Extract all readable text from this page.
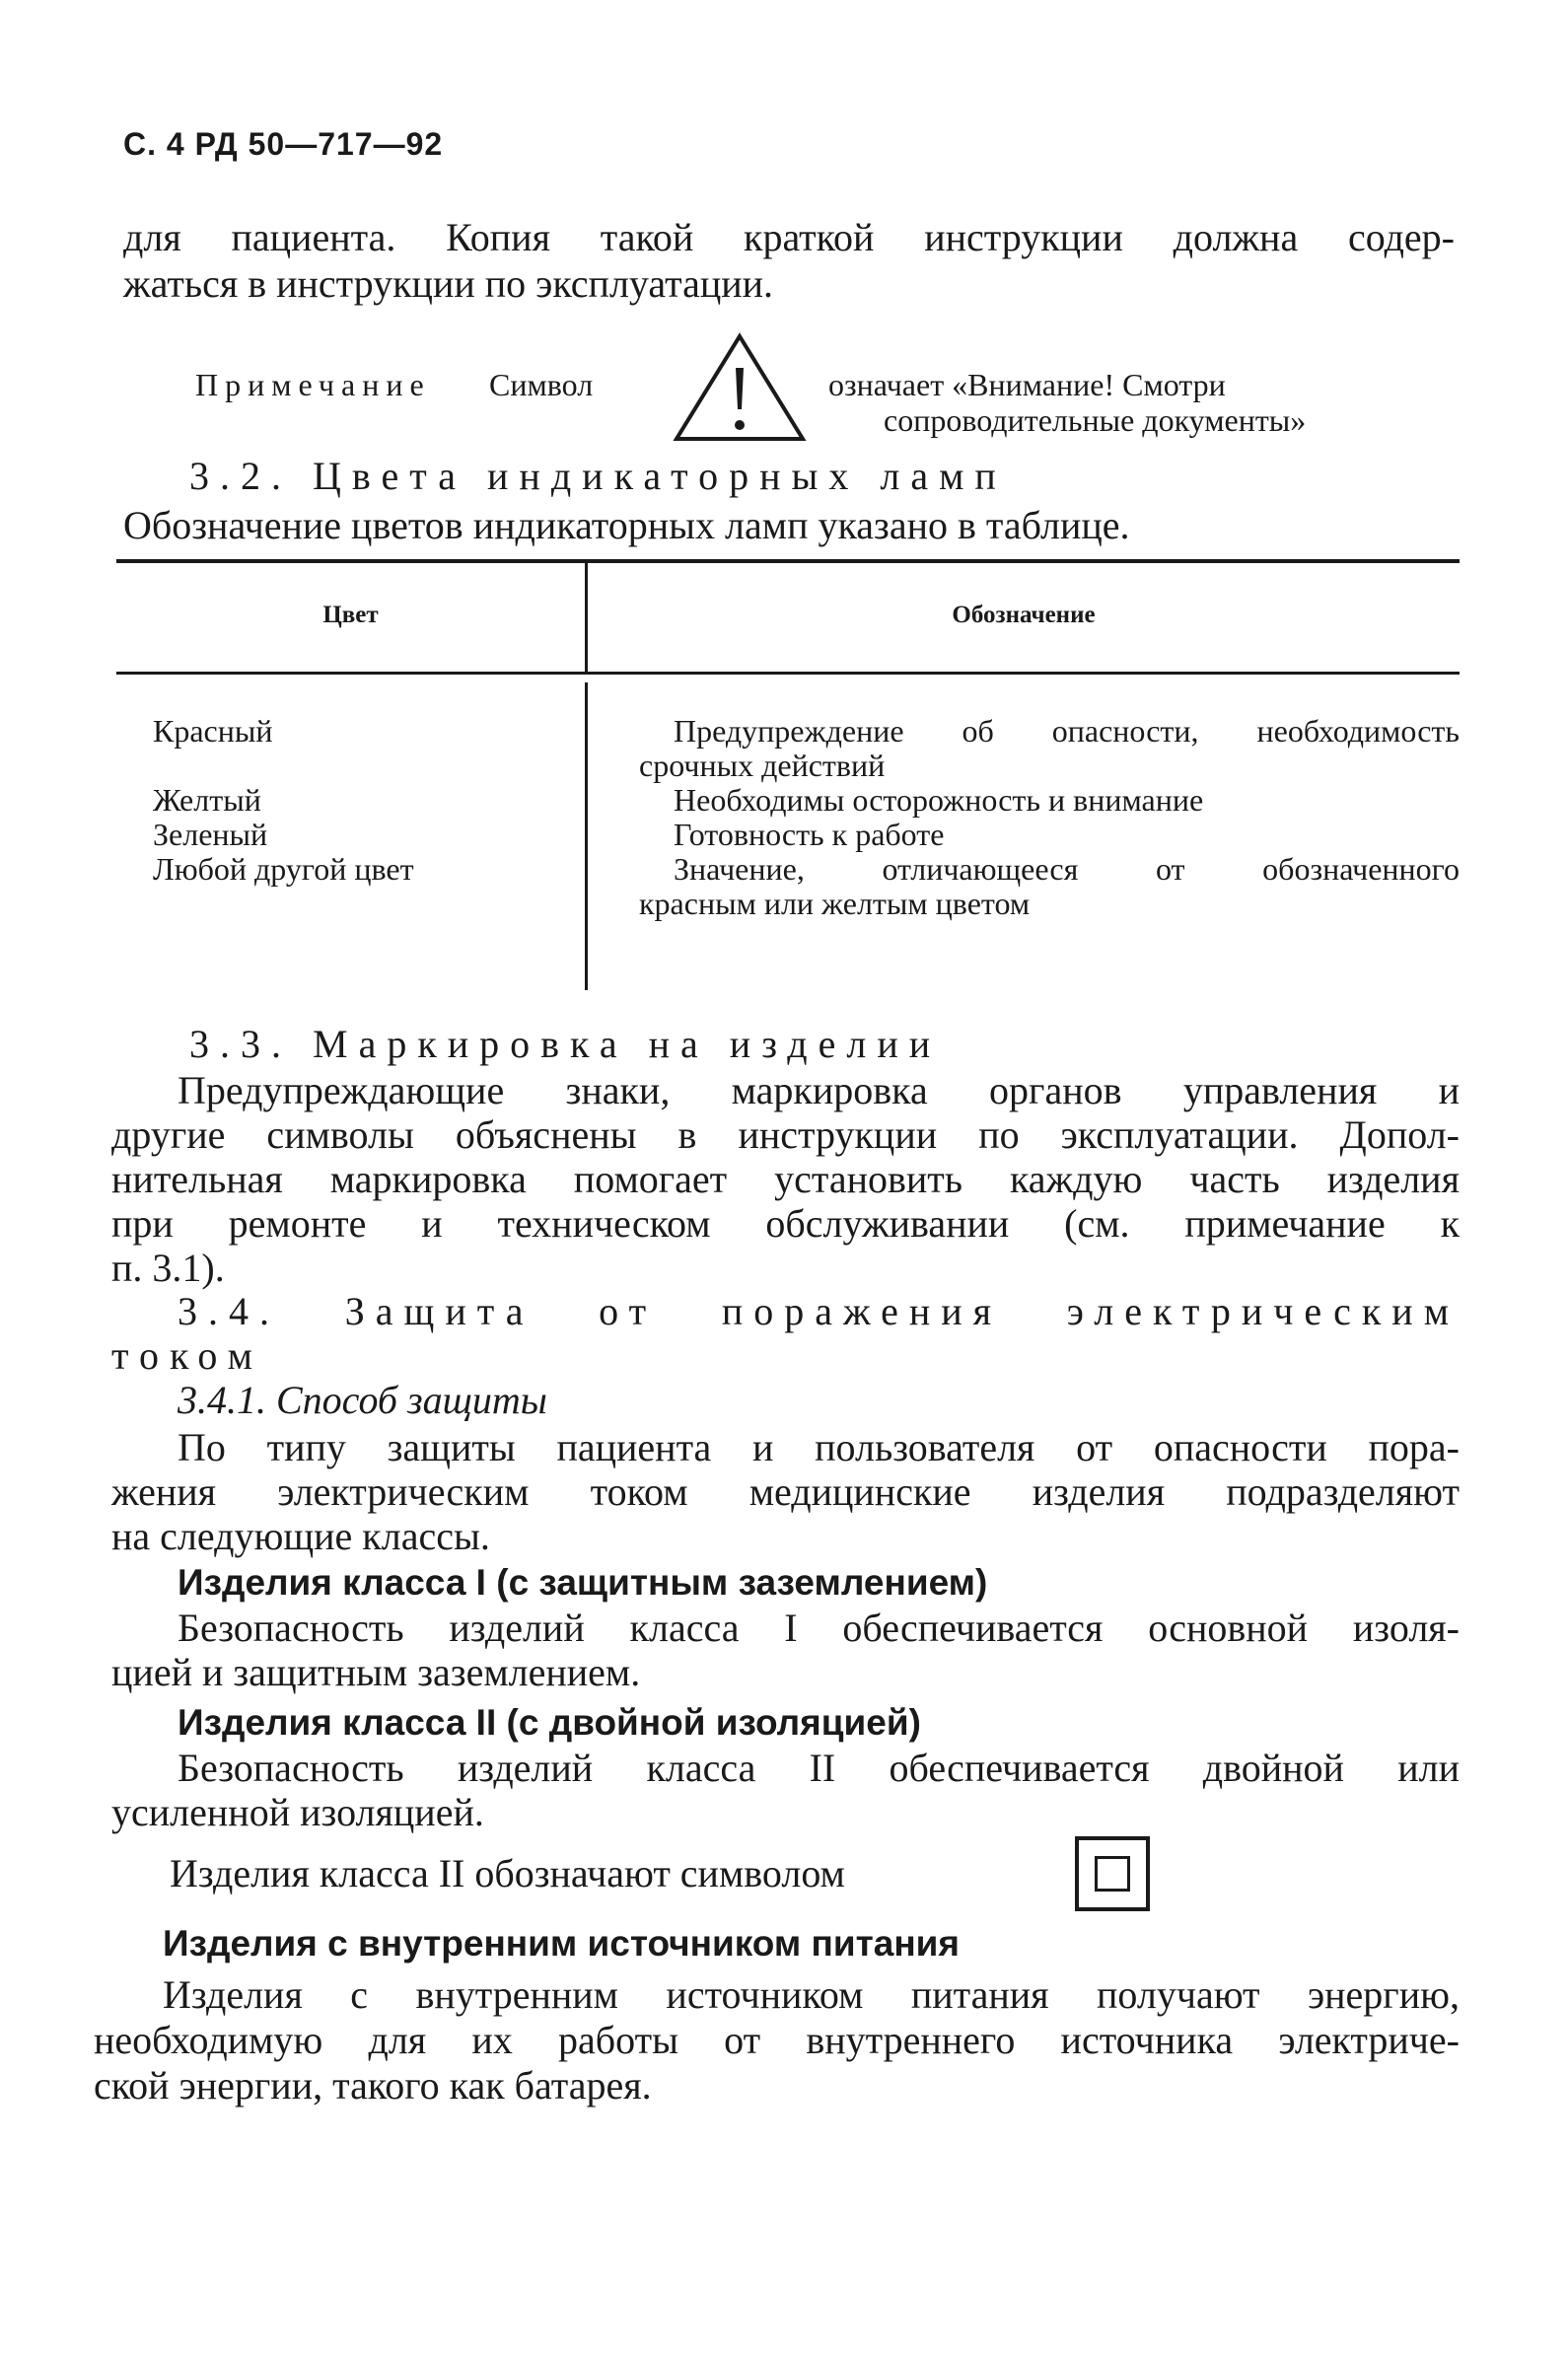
С. 4 РД 50—717—92
для пациента. Копия такой краткой инструкции должна содер-
жаться в инструкции по эксплуатации.
Примечание Символ	означает «Внимание! Смотри
сопроводительные документы»
3.2. Цвета индикаторных ламп
Обозначение цветов индикаторных ламп указано в таблице.
Цвет	Обозначение
Красный	Предупреждение об опасности, необходимость
срочных действий
Желтый	Необходимы осторожность и внимание
Зеленый	Готовность к работе
Любой другой цвет	Значение, отличающееся от обозначенного
красным или желтым цветом
3.3. Маркировка на изделии
Предупреждающие знаки, маркировка органов управления и
другие символы объяснены в инструкции по эксплуатации. Допол-
нительная маркировка помогает установить каждую часть изделия
при ремонте и техническом обслуживании (см. примечание к
п. 3.1).
3.4. Защита от поражения электрическим
током
3.4.1. Способ защиты
По типу защиты пациента и пользователя от опасности пора-
жения электрическим током медицинские изделия подразделяют
на следующие классы.
Изделия класса I (с защитным заземлением)
Безопасность изделий класса I обеспечивается основной изоля-
цией и защитным заземлением.
Изделия класса II (с двойной изоляцией)
Безопасность изделий класса II обеспечивается двойной или
усиленной изоляцией.
Изделия класса II обозначают символом
Изделия с внутренним источником питания
Изделия с внутренним источником питания получают энергию,
необходимую для их работы от внутреннего источника электриче-
ской энергии, такого как батарея.
